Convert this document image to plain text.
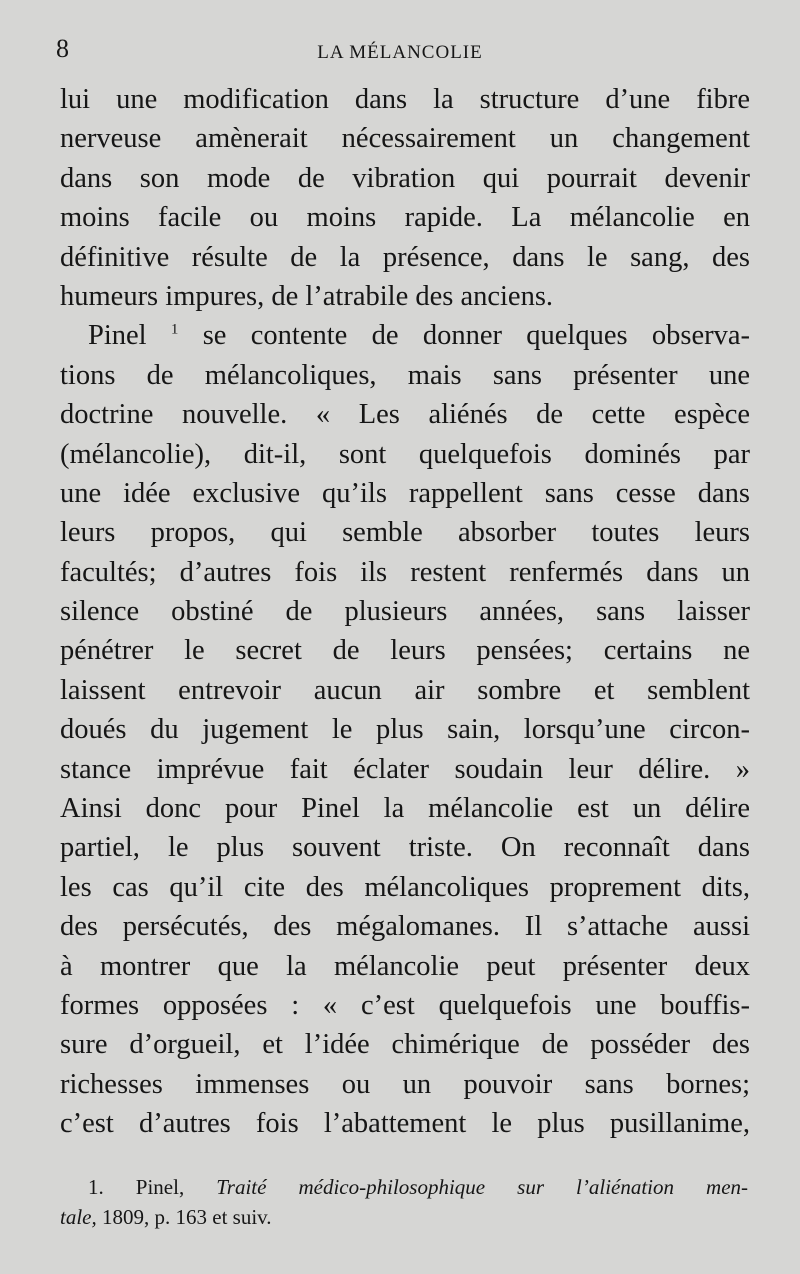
8	LA MÉLANCOLIE
lui une modification dans la structure d’une fibre
nerveuse amènerait nécessairement un changement
dans son mode de vibration qui pourrait devenir
moins facile ou moins rapide. La mélancolie en
définitive résulte de la présence, dans le sang, des
humeurs impures, de l’atrabile des anciens.
Pinel $^1$ se contente de donner quelques observa-
tions de mélancoliques, mais sans présenter une
doctrine nouvelle. « Les aliénés de cette espèce
(mélancolie), dit-il, sont quelquefois dominés par
une idée exclusive qu’ils rappellent sans cesse dans
leurs propos, qui semble absorber toutes leurs
facultés; d’autres fois ils restent renfermés dans un
silence obstiné de plusieurs années, sans laisser
pénétrer le secret de leurs pensées; certains ne
laissent entrevoir aucun air sombre et semblent
doués du jugement le plus sain, lorsqu’une circon-
stance imprévue fait éclater soudain leur délire. »
Ainsi donc pour Pinel la mélancolie est un délire
partiel, le plus souvent triste. On reconnaît dans
les cas qu’il cite des mélancoliques proprement dits,
des persécutés, des mégalomanes. Il s’attache aussi
à montrer que la mélancolie peut présenter deux
formes opposées : « c’est quelquefois une bouffis-
sure d’orgueil, et l’idée chimérique de posséder des
richesses immenses ou un pouvoir sans bornes;
c’est d’autres fois l’abattement le plus pusillanime,
1. Pinel, Traité médico-philosophique sur l’aliénation men-
tale, 1809, p. 163 et suiv.
